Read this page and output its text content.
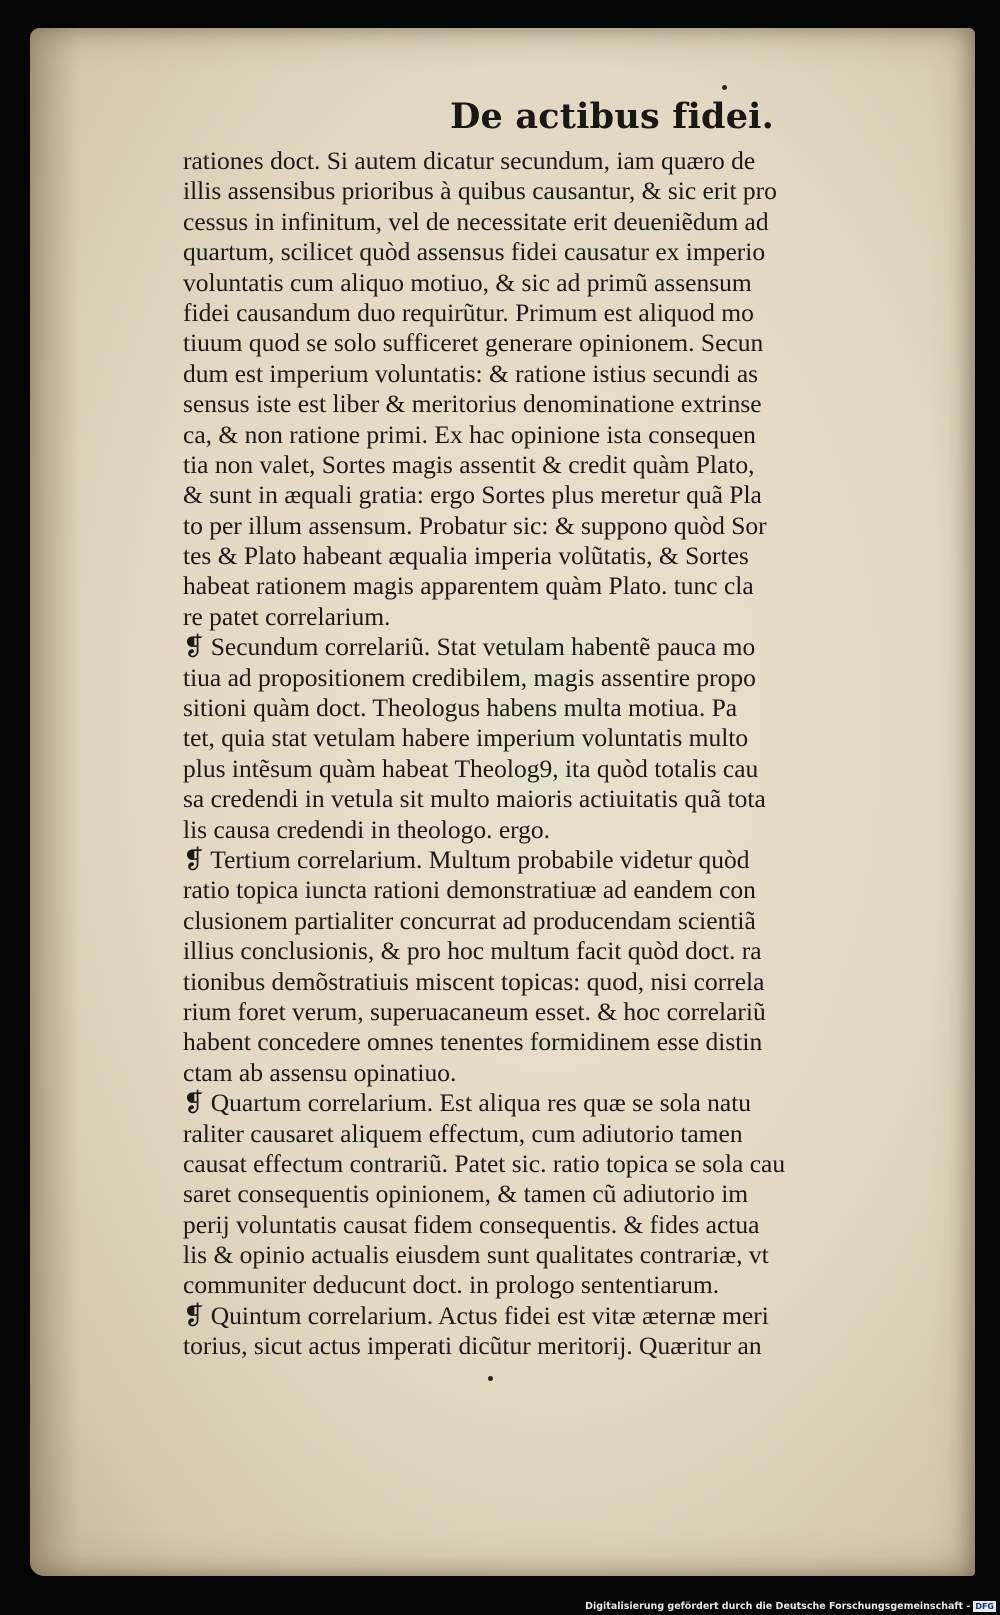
De actibus fidei.
rationes doct. Si autem dicatur secundum, iam quæro de
illis assensibus prioribus à quibus causantur, & sic erit pro
cessus in infinitum, vel de necessitate erit deueniẽdum ad
quartum, scilicet quòd assensus fidei causatur ex imperio
voluntatis cum aliquo motiuo, & sic ad primũ assensum
fidei causandum duo requirũtur. Primum est aliquod mo
tiuum quod se solo sufficeret generare opinionem. Secun
dum est imperium voluntatis: & ratione istius secundi as
sensus iste est liber & meritorius denominatione extrinse
ca, & non ratione primi. Ex hac opinione ista consequen
tia non valet, Sortes magis assentit & credit quàm Plato,
& sunt in æquali gratia: ergo Sortes plus meretur quã Pla
to per illum assensum. Probatur sic: & suppono quòd Sor
tes & Plato habeant æqualia imperia volũtatis, & Sortes
habeat rationem magis apparentem quàm Plato. tunc cla
re patet correlarium.
❡ Secundum correlariũ. Stat vetulam habentẽ pauca mo
tiua ad propositionem credibilem, magis assentire propo
sitioni quàm doct. Theologus habens multa motiua. Pa
tet, quia stat vetulam habere imperium voluntatis multo
plus intẽsum quàm habeat Theolog9, ita quòd totalis cau
sa credendi in vetula sit multo maioris actiuitatis quã tota
lis causa credendi in theologo. ergo.
❡ Tertium correlarium. Multum probabile videtur quòd
ratio topica iuncta rationi demonstratiuæ ad eandem con
clusionem partialiter concurrat ad producendam scientiã
illius conclusionis, & pro hoc multum facit quòd doct. ra
tionibus demõstratiuis miscent topicas: quod, nisi correla
rium foret verum, superuacaneum esset. & hoc correlariũ
habent concedere omnes tenentes formidinem esse distin
ctam ab assensu opinatiuo.
❡ Quartum correlarium. Est aliqua res quæ se sola natu
raliter causaret aliquem effectum, cum adiutorio tamen
causat effectum contrariũ. Patet sic. ratio topica se sola cau
saret consequentis opinionem, & tamen cũ adiutorio im
perij voluntatis causat fidem consequentis. & fides actua
lis & opinio actualis eiusdem sunt qualitates contrariæ, vt
communiter deducunt doct. in prologo sententiarum.
❡ Quintum correlarium. Actus fidei est vitæ æternæ meri
torius, sicut actus imperati dicũtur meritorij. Quæritur an
Digitalisierung gefördert durch die Deutsche Forschungsgemeinschaft - DFG
